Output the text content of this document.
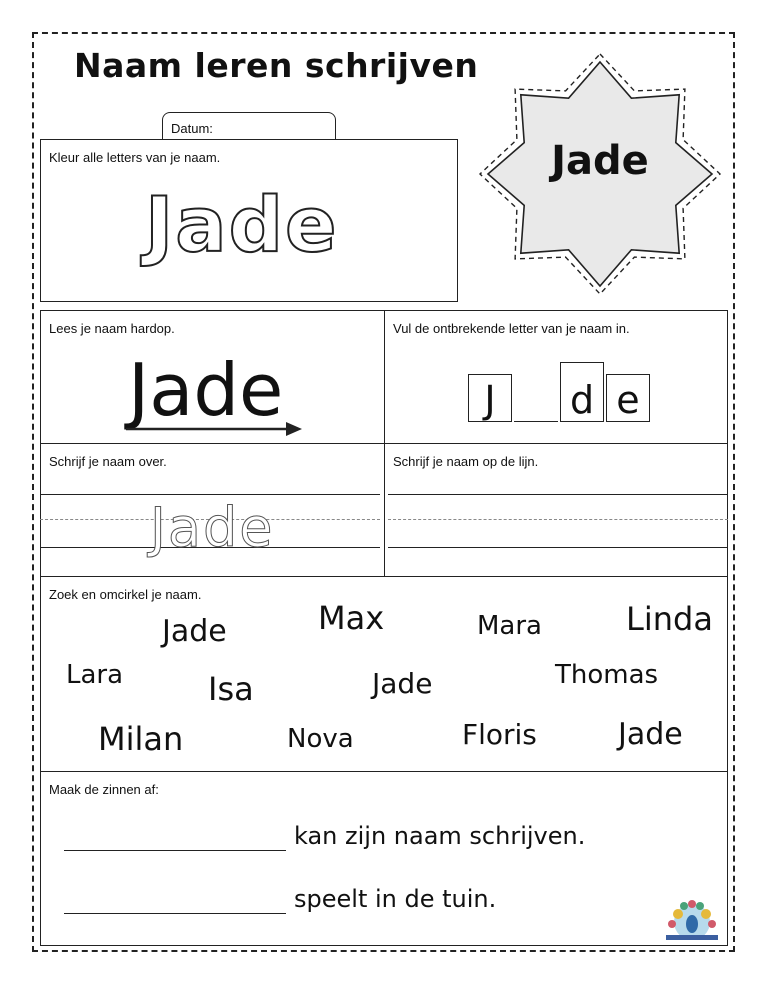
Naam leren schrijven
Datum:
Jade
Kleur alle letters van je naam.
Jade
Lees je naam hardop.
Jade
Vul de ontbrekende letter van je naam in.
J	d e
Schrijf je naam over.	Schrijf je naam op de lijn.
Jade
Zoek en omcirkel je naam.
Jade	Max	Mara	Linda
Lara	Isa	Jade	Thomas
Milan	Nova	Floris	Jade
Maak de zinnen af:
kan zijn naam schrijven.
speelt in de tuin.
